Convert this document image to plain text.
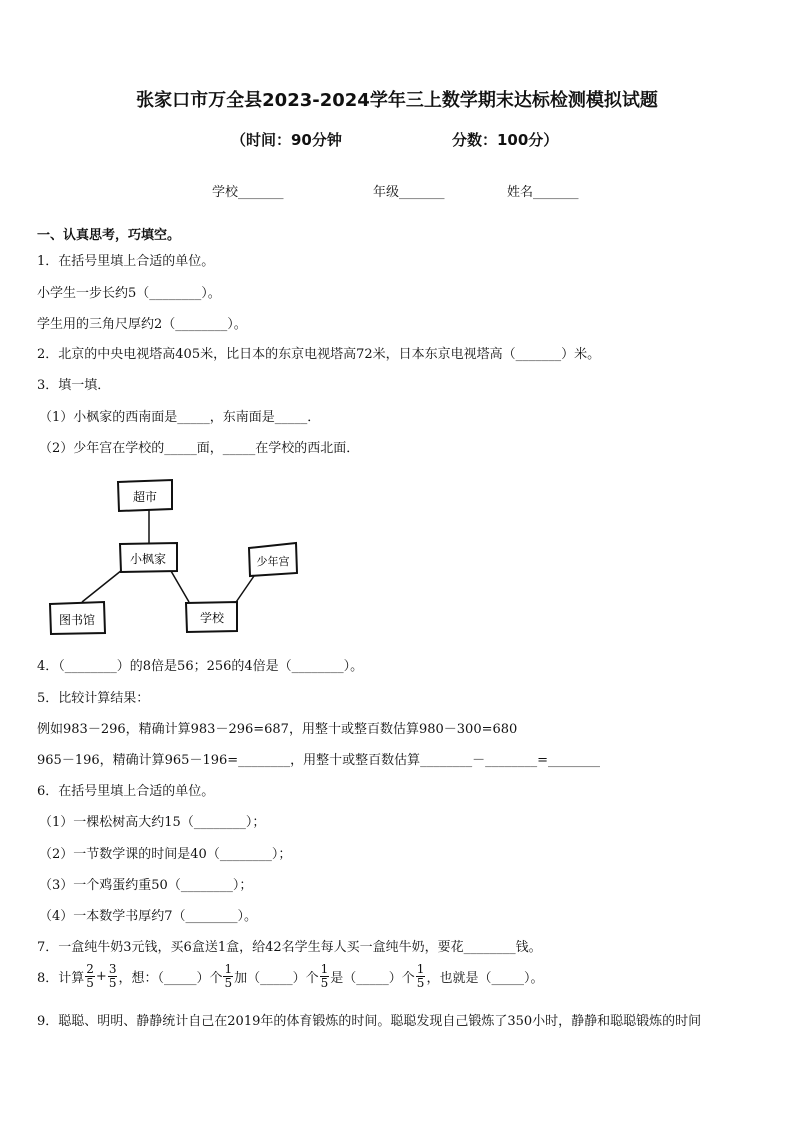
张家口市万全县2023-2024学年三上数学期末达标检测模拟试题
（时间：90分钟	分数：100分）
学校_______	年级_______	姓名_______
一、认真思考，巧填空。
1．在括号里填上合适的单位。
小学生一步长约5（________）。
学生用的三角尺厚约2（________）。
2．北京的中央电视塔高405米，比日本的东京电视塔高72米，日本东京电视塔高（_______）米。
3．填一填．
（1）小枫家的西南面是_____，东南面是_____．
（2）少年宫在学校的_____面，_____在学校的西北面．
超市
小枫家
图书馆	学校
少年宫
4．（________）的8倍是56；256的4倍是（________）。
5．比较计算结果：
例如983－296，精确计算983－296=687，用整十或整百数估算980－300=680
965－196，精确计算965－196=________，用整十或整百数估算________－________=________
6．在括号里填上合适的单位。
（1）一棵松树高大约15（________）；
（2）一节数学课的时间是40（________）；
（3）一个鸡蛋约重50（________）；
（4）一本数学书厚约7（________）。
7．一盒纯牛奶3元钱，买6盒送1盒，给42名学生每人买一盒纯牛奶，要花________钱。
8．计算 $\frac{2}{5} + \frac{3}{5}$ ，想：（_____）个 $\frac{1}{5}$ 加（_____）个 $\frac{1}{5}$ 是（_____）个 $\frac{1}{5}$ ，也就是（_____）。
9．聪聪、明明、静静统计自己在2019年的体育锻炼的时间。聪聪发现自己锻炼了350小时，静静和聪聪锻炼的时间
